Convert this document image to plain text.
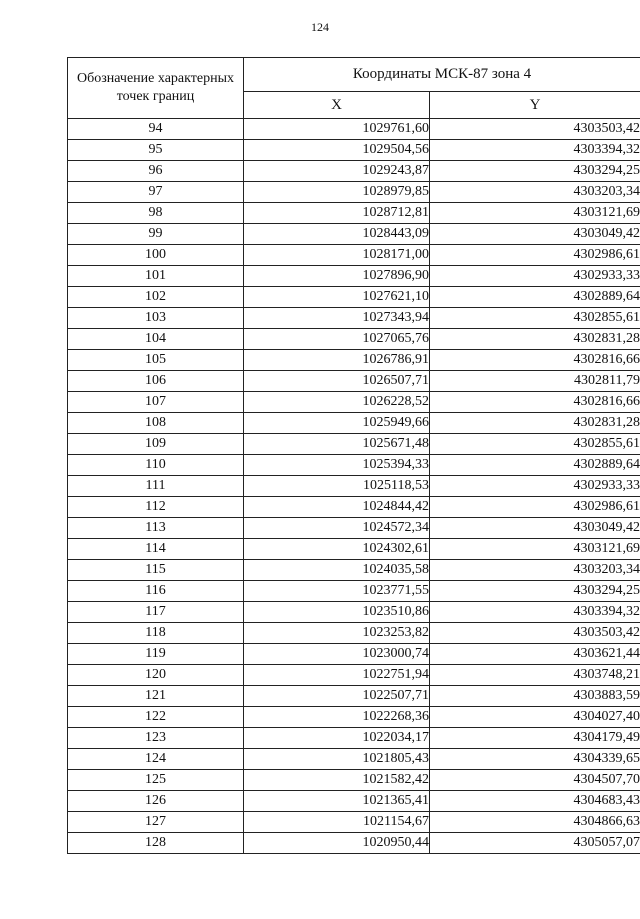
124
Обозначение характерных точек границ	Координаты МСК-87 зона 4	
	X	Y
94	1029761,60	4303503,42
95	1029504,56	4303394,32
96	1029243,87	4303294,25
97	1028979,85	4303203,34
98	1028712,81	4303121,69
99	1028443,09	4303049,42
100	1028171,00	4302986,61
101	1027896,90	4302933,33
102	1027621,10	4302889,64
103	1027343,94	4302855,61
104	1027065,76	4302831,28
105	1026786,91	4302816,66
106	1026507,71	4302811,79
107	1026228,52	4302816,66
108	1025949,66	4302831,28
109	1025671,48	4302855,61
110	1025394,33	4302889,64
111	1025118,53	4302933,33
112	1024844,42	4302986,61
113	1024572,34	4303049,42
114	1024302,61	4303121,69
115	1024035,58	4303203,34
116	1023771,55	4303294,25
117	1023510,86	4303394,32
118	1023253,82	4303503,42
119	1023000,74	4303621,44
120	1022751,94	4303748,21
121	1022507,71	4303883,59
122	1022268,36	4304027,40
123	1022034,17	4304179,49
124	1021805,43	4304339,65
125	1021582,42	4304507,70
126	1021365,41	4304683,43
127	1021154,67	4304866,63
128	1020950,44	4305057,07
